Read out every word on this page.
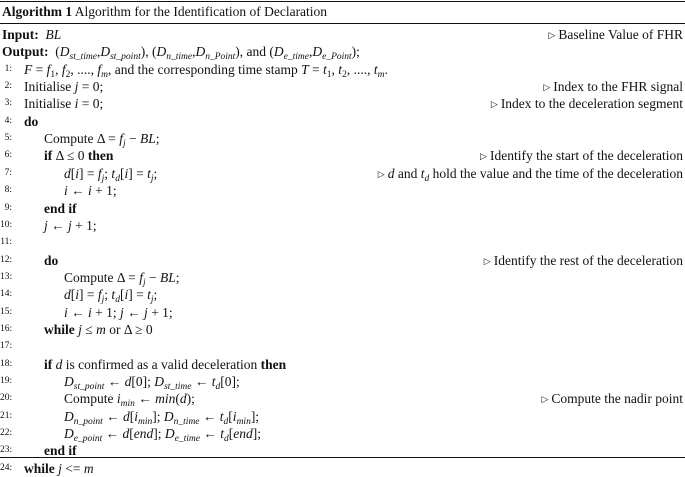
Algorithm 1 Algorithm for the Identification of Declaration
Input: BL	▷ Baseline Value of FHR
Output:  $(D_{st\_time},D_{st\_point})$, $(D_{n\_time},D_{n\_Point})$, and $(D_{e\_time},D_{e\_Point})$;
1: $F = f_1$, $f_2$, ...., $f_m$, and the corresponding time stamp $T = t_1$, $t_2$, ...., $t_m$.
2: Initialise j = 0;	▷ Index to the FHR signal
3: Initialise i = 0;	▷ Index to the deceleration segment
4: do
5: Compute $\Delta = f_j$ − BL;
6: if Δ ≤ 0 then	▷ Identify the start of the deceleration
7:	$d[i] = f_j$; $t_d[i] = t_j$;	▷ d and $t_d$ hold the value and the time of the deceleration
8:	i ← i + 1;
9: end if
10: j ← j + 1;
11:
12: do	▷ Identify the rest of the deceleration
13:	Compute $\Delta = f_j$ − BL;
14:	$d[i] = f_j$; $t_d[i] = t_j$;
15:	i ← i + 1; j ← j + 1;
16: while j ≤ m or Δ ≥ 0
17:
18: if d is confirmed as a valid deceleration then
19:	$D_{st\_point}$ ← d[0]; $D_{st\_time}$ ← $t_d[0]$;
20:	Compute $i_{min}$ ← min(d);	▷ Compute the nadir point
21:	$D_{n\_point}$ ← $d[i_{min}]$; $D_{n\_time}$ ← $t_d[i_{min}]$;
22:	$D_{e\_point}$ ← d[end]; $D_{e\_time}$ ← $t_d[end]$;
23: end if
24: while j <= m
